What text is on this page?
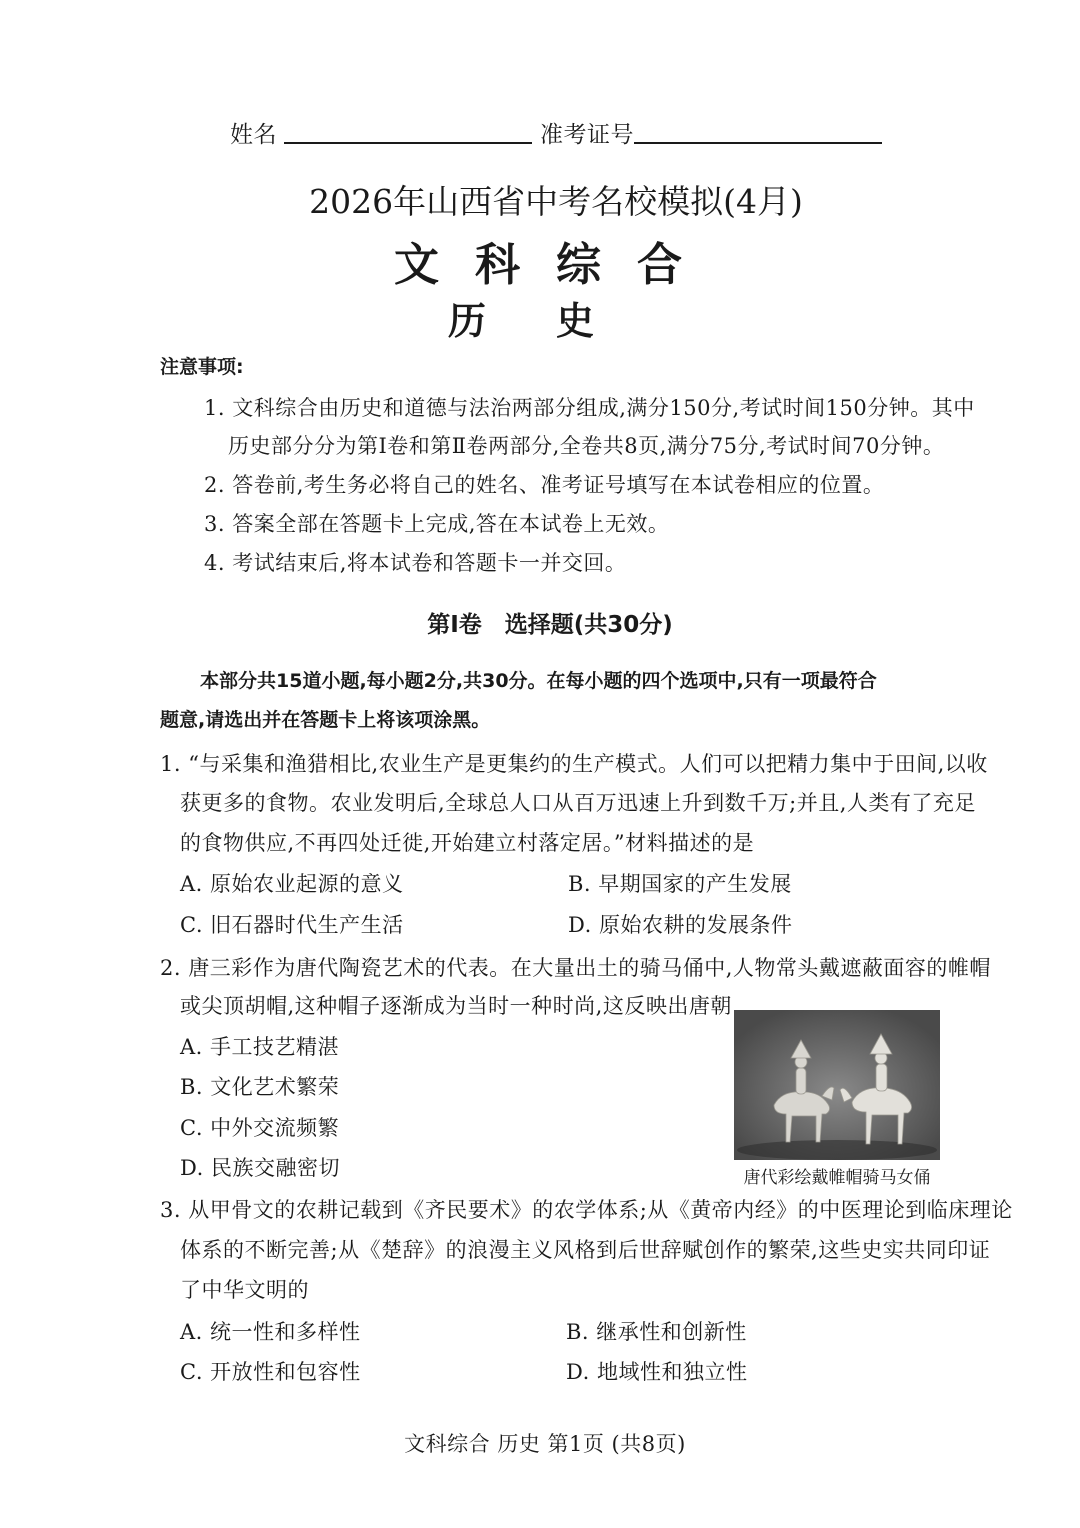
姓名	准考证号
2026年山西省中考名校模拟(4月)
文科综合
历史
注意事项:
1. 文科综合由历史和道德与法治两部分组成,满分150分,考试时间150分钟。其中
历史部分分为第Ⅰ卷和第Ⅱ卷两部分,全卷共8页,满分75分,考试时间70分钟。
2. 答卷前,考生务必将自己的姓名、准考证号填写在本试卷相应的位置。
3. 答案全部在答题卡上完成,答在本试卷上无效。
4. 考试结束后,将本试卷和答题卡一并交回。
第Ⅰ卷　选择题(共30分)
本部分共15道小题,每小题2分,共30分。在每小题的四个选项中,只有一项最符合
题意,请选出并在答题卡上将该项涂黑。
1. “与采集和渔猎相比,农业生产是更集约的生产模式。人们可以把精力集中于田间,以收
获更多的食物。农业发明后,全球总人口从百万迅速上升到数千万;并且,人类有了充足
的食物供应,不再四处迁徙,开始建立村落定居。”材料描述的是
A. 原始农业起源的意义	B. 早期国家的产生发展
C. 旧石器时代生产生活	D. 原始农耕的发展条件
2. 唐三彩作为唐代陶瓷艺术的代表。在大量出土的骑马俑中,人物常头戴遮蔽面容的帷帽
或尖顶胡帽,这种帽子逐渐成为当时一种时尚,这反映出唐朝
A. 手工技艺精湛
B. 文化艺术繁荣
C. 中外交流频繁
D. 民族交融密切	唐代彩绘戴帷帽骑马女俑
3. 从甲骨文的农耕记载到《齐民要术》的农学体系;从《黄帝内经》的中医理论到临床理论
体系的不断完善;从《楚辞》的浪漫主义风格到后世辞赋创作的繁荣,这些史实共同印证
了中华文明的
A. 统一性和多样性	B. 继承性和创新性
C. 开放性和包容性	D. 地域性和独立性
文科综合 历史 第1页 (共8页)
